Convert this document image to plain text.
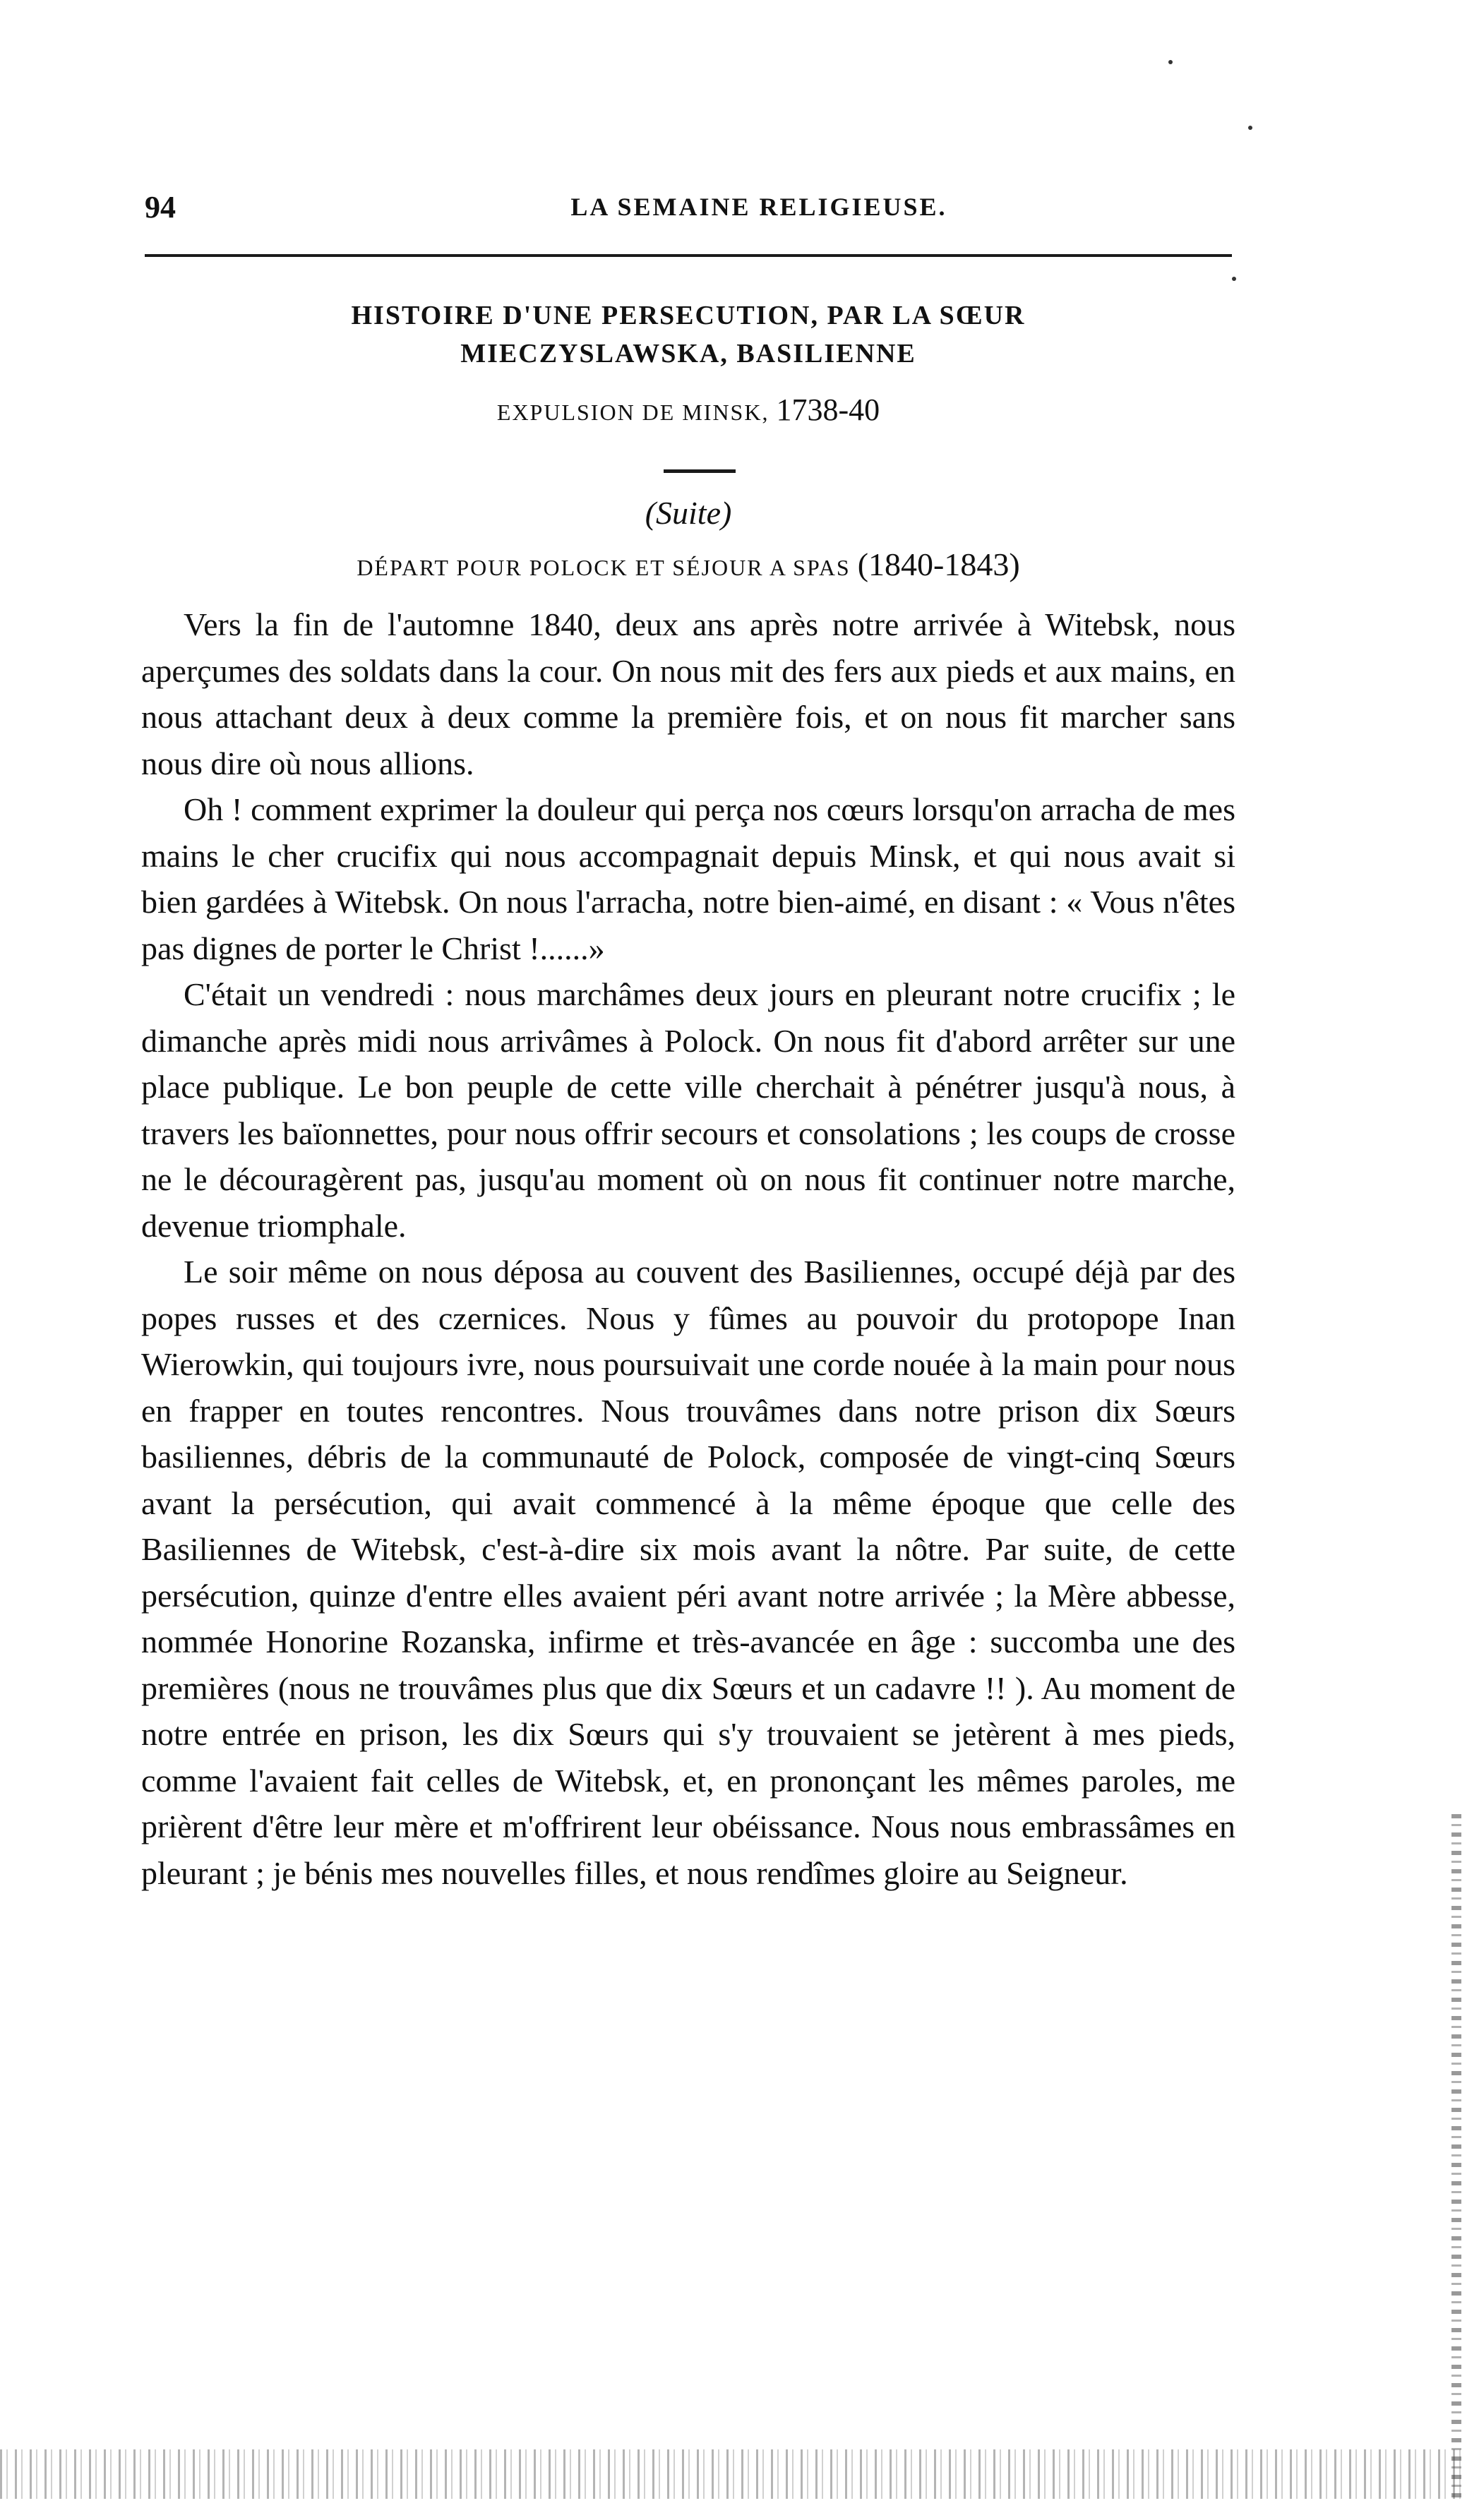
94	LA SEMAINE RELIGIEUSE.
HISTOIRE D'UNE PERSECUTION, PAR LA SŒUR
MIECZYSLAWSKA, BASILIENNE
EXPULSION DE MINSK, 1738-40
(Suite)
DÉPART POUR POLOCK ET SÉJOUR A SPAS (1840-1843)

Vers la fin de l'automne 1840, deux ans après notre arrivée à Witebsk, nous aperçumes des soldats dans la cour. On nous mit des fers aux pieds et aux mains, en nous attachant deux à deux comme la première fois, et on nous fit marcher sans nous dire où nous allions.

Oh ! comment exprimer la douleur qui perça nos cœurs lorsqu'on arracha de mes mains le cher crucifix qui nous accompagnait depuis Minsk, et qui nous avait si bien gardées à Witebsk. On nous l'arracha, notre bien-aimé, en disant : « Vous n'êtes pas dignes de porter le Christ !......»

C'était un vendredi : nous marchâmes deux jours en pleurant notre crucifix ; le dimanche après midi nous arrivâmes à Polock. On nous fit d'abord arrêter sur une place publique. Le bon peuple de cette ville cherchait à pénétrer jusqu'à nous, à travers les baïonnettes, pour nous offrir secours et consolations ; les coups de crosse ne le découragèrent pas, jusqu'au moment où on nous fit continuer notre marche, devenue triomphale.

Le soir même on nous déposa au couvent des Basiliennes, occupé déjà par des popes russes et des czernices. Nous y fûmes au pouvoir du protopope Inan Wierowkin, qui toujours ivre, nous poursuivait une corde nouée à la main pour nous en frapper en toutes rencontres. Nous trouvâmes dans notre prison dix Sœurs basiliennes, débris de la communauté de Polock, composée de vingt-cinq Sœurs avant la persécution, qui avait commencé à la même époque que celle des Basiliennes de Witebsk, c'est-à-dire six mois avant la nôtre. Par suite, de cette persécution, quinze d'entre elles avaient péri avant notre arrivée ; la Mère abbesse, nommée Honorine Rozanska, infirme et très-avancée en âge : succomba une des premières (nous ne trouvâmes plus que dix Sœurs et un cadavre !! ). Au moment de notre entrée en prison, les dix Sœurs qui s'y trouvaient se jetèrent à mes pieds, comme l'avaient fait celles de Witebsk, et, en prononçant les mêmes paroles, me prièrent d'être leur mère et m'offrirent leur obéissance. Nous nous embrassâmes en pleurant ; je bénis mes nouvelles filles, et nous rendîmes gloire au Seigneur.
